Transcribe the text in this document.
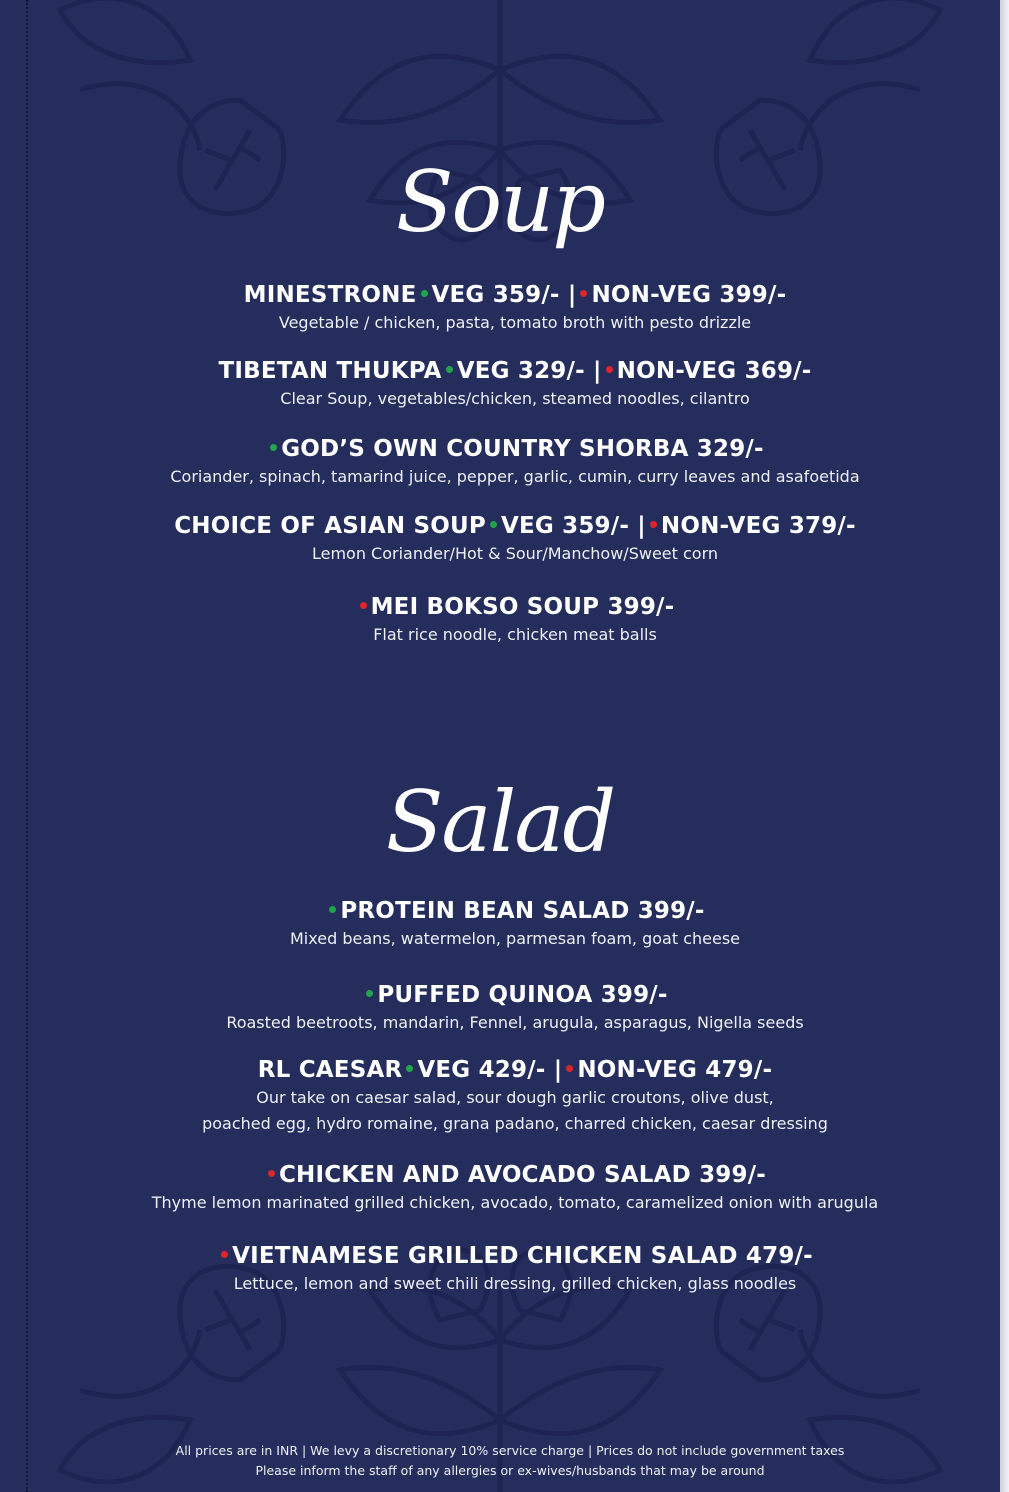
Soup
MINESTRONE VEG 359/- | NON-VEG 399/-
Vegetable / chicken, pasta, tomato broth with pesto drizzle
TIBETAN THUKPA VEG 329/- | NON-VEG 369/-
Clear Soup, vegetables/chicken, steamed noodles, cilantro
GOD’S OWN COUNTRY SHORBA 329/-
Coriander, spinach, tamarind juice, pepper, garlic, cumin, curry leaves and asafoetida
CHOICE OF ASIAN SOUP VEG 359/- | NON-VEG 379/-
Lemon Coriander/Hot & Sour/Manchow/Sweet corn
MEI BOKSO SOUP 399/-
Flat rice noodle, chicken meat balls
Salad
PROTEIN BEAN SALAD 399/-
Mixed beans, watermelon, parmesan foam, goat cheese
PUFFED QUINOA 399/-
Roasted beetroots, mandarin, Fennel, arugula, asparagus, Nigella seeds
RL CAESAR VEG 429/- | NON-VEG 479/-
Our take on caesar salad, sour dough garlic croutons, olive dust,
poached egg, hydro romaine, grana padano, charred chicken, caesar dressing
CHICKEN AND AVOCADO SALAD 399/-
Thyme lemon marinated grilled chicken, avocado, tomato, caramelized onion with arugula
VIETNAMESE GRILLED CHICKEN SALAD 479/-
Lettuce, lemon and sweet chili dressing, grilled chicken, glass noodles
All prices are in INR | We levy a discretionary 10% service charge | Prices do not include government taxes
Please inform the staff of any allergies or ex-wives/husbands that may be around
